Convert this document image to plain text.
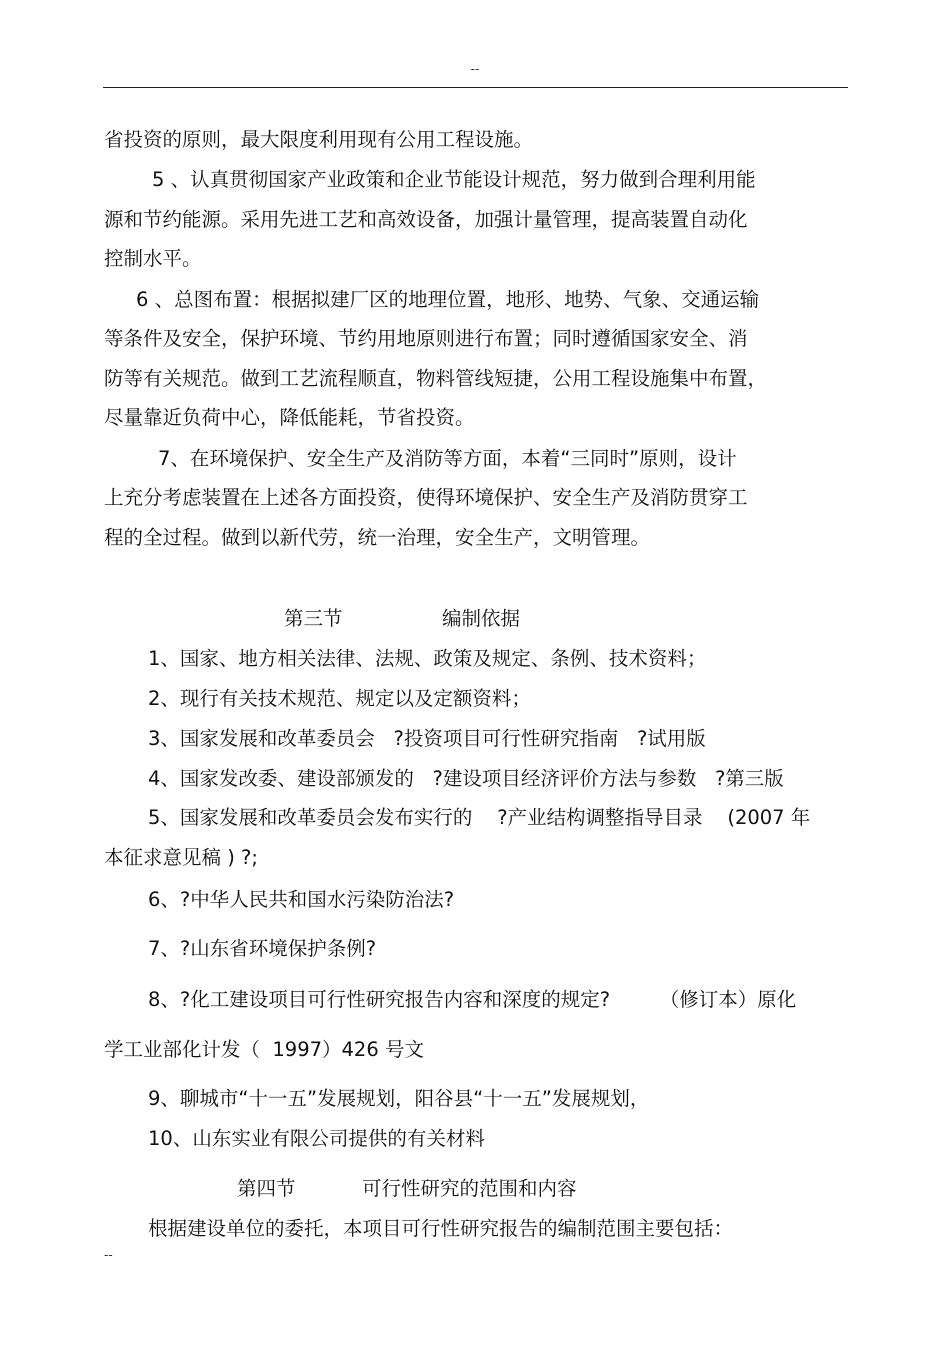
--
省投资的原则，最大限度利用现有公用工程设施。
5 、认真贯彻国家产业政策和企业节能设计规范，努力做到合理利用能
源和节约能源。采用先进工艺和高效设备，加强计量管理，提高装置自动化
控制水平。
6 、总图布置：根据拟建厂区的地理位置，地形、地势、气象、交通运输
等条件及安全，保护环境、节约用地原则进行布置；同时遵循国家安全、消
防等有关规范。做到工艺流程顺直，物料管线短捷，公用工程设施集中布置，
尽量靠近负荷中心，降低能耗，节省投资。
7、在环境保护、安全生产及消防等方面，本着“三同时”原则，设计
上充分考虑装置在上述各方面投资，使得环境保护、安全生产及消防贯穿工
程的全过程。做到以新代劳，统一治理，安全生产，文明管理。
第三节	编制依据
1、国家、地方相关法律、法规、政策及规定、条例、技术资料；
2、现行有关技术规范、规定以及定额资料；
3、国家发展和改革委员会   ?投资项目可行性研究指南   ?试用版
4、国家发改委、建设部颁发的   ?建设项目经济评价方法与参数   ?第三版
5、国家发展和改革委员会发布实行的    ?产业结构调整指导目录    (2007 年
本征求意见稿 ) ?;
6、?中华人民共和国水污染防治法?
7、?山东省环境保护条例?
8、?化工建设项目可行性研究报告内容和深度的规定?        （修订本）原化
学工业部化计发（  1997）426 号文
9、聊城市“十一五”发展规划，阳谷县“十一五”发展规划，
10、山东实业有限公司提供的有关材料
第四节	可行性研究的范围和内容
根据建设单位的委托，本项目可行性研究报告的编制范围主要包括：
--
